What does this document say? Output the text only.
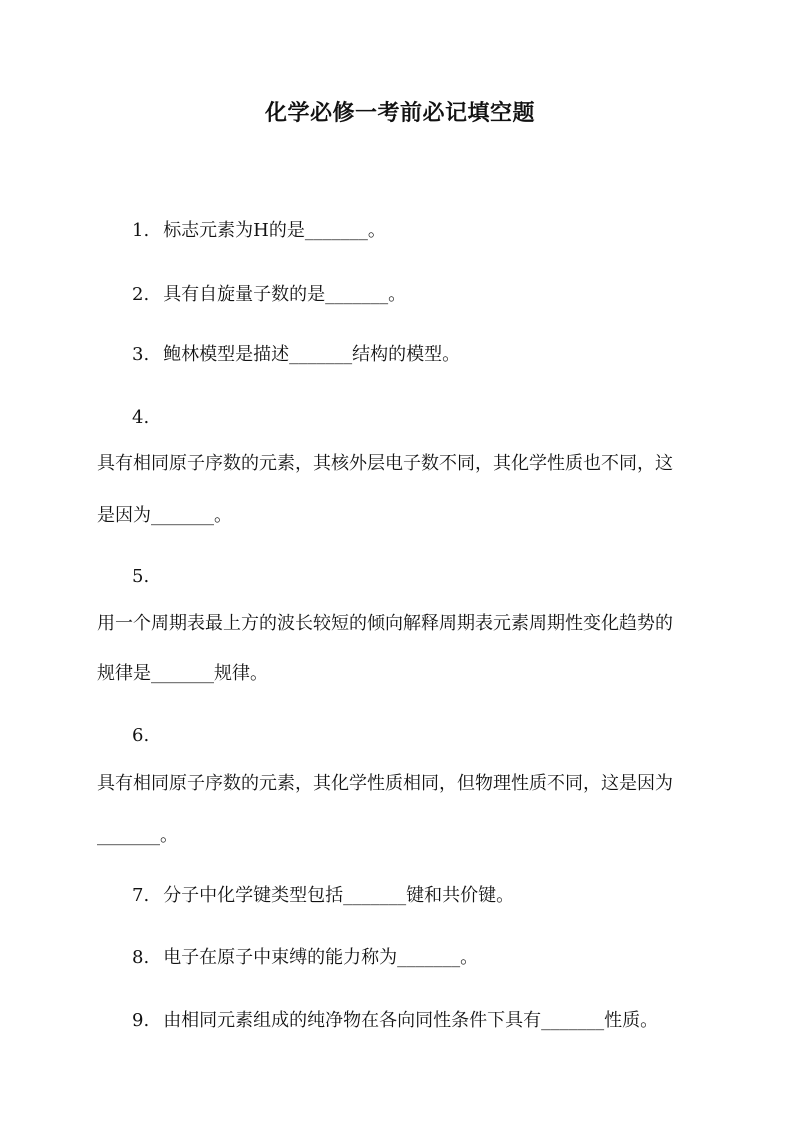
化学必修一考前必记填空题
1. 标志元素为H的是_______。
2. 具有自旋量子数的是_______。
3. 鲍林模型是描述_______结构的模型。
4.
具有相同原子序数的元素，其核外层电子数不同，其化学性质也不同，这
是因为_______。
5.
用一个周期表最上方的波长较短的倾向解释周期表元素周期性变化趋势的
规律是_______规律。
6.
具有相同原子序数的元素，其化学性质相同，但物理性质不同，这是因为
_______。
7. 分子中化学键类型包括_______键和共价键。
8. 电子在原子中束缚的能力称为_______。
9. 由相同元素组成的纯净物在各向同性条件下具有_______性质。
